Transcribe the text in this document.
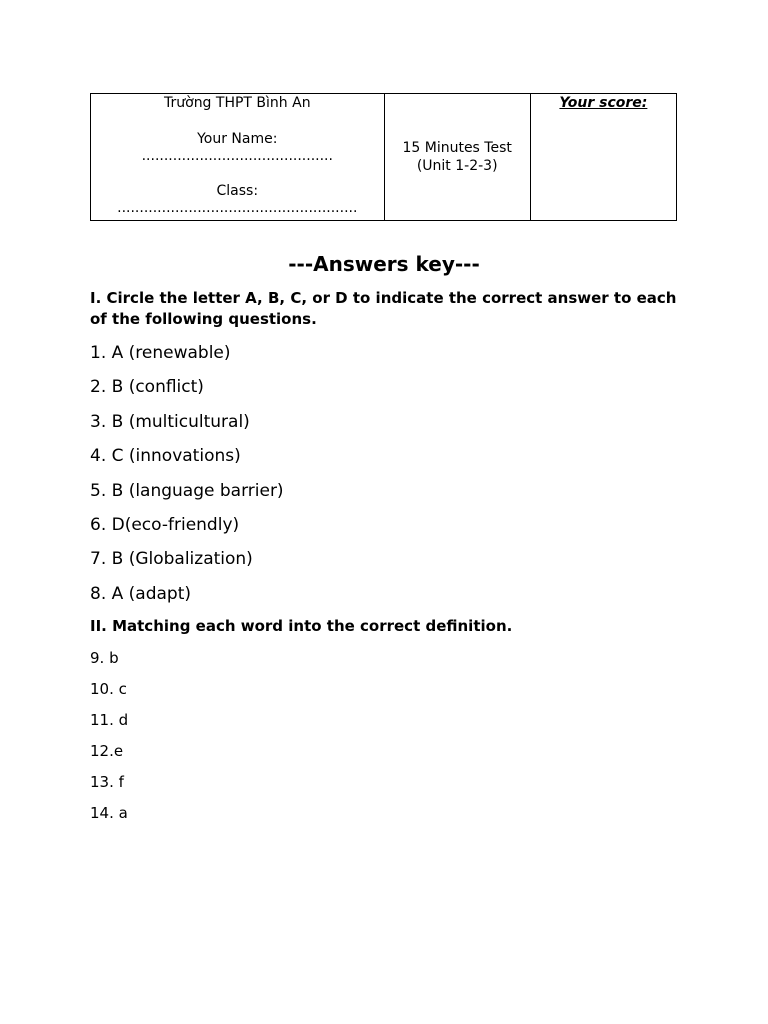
Trường THPT Bình An
Your Name:
...........................................
Class:
......................................................

15 Minutes Test
(Unit 1-2-3)

Your score:
---Answers key---
I. Circle the letter A, B, C, or D to indicate the correct answer to each of the following questions.
1. A (renewable)
2. B (conflict)
3. B (multicultural)
4. C (innovations)
5. B (language barrier)
6. D(eco-friendly)
7. B (Globalization)
8. A (adapt)
II. Matching each word into the correct definition.
9. b
10. c
11. d
12.e
13. f
14. a
